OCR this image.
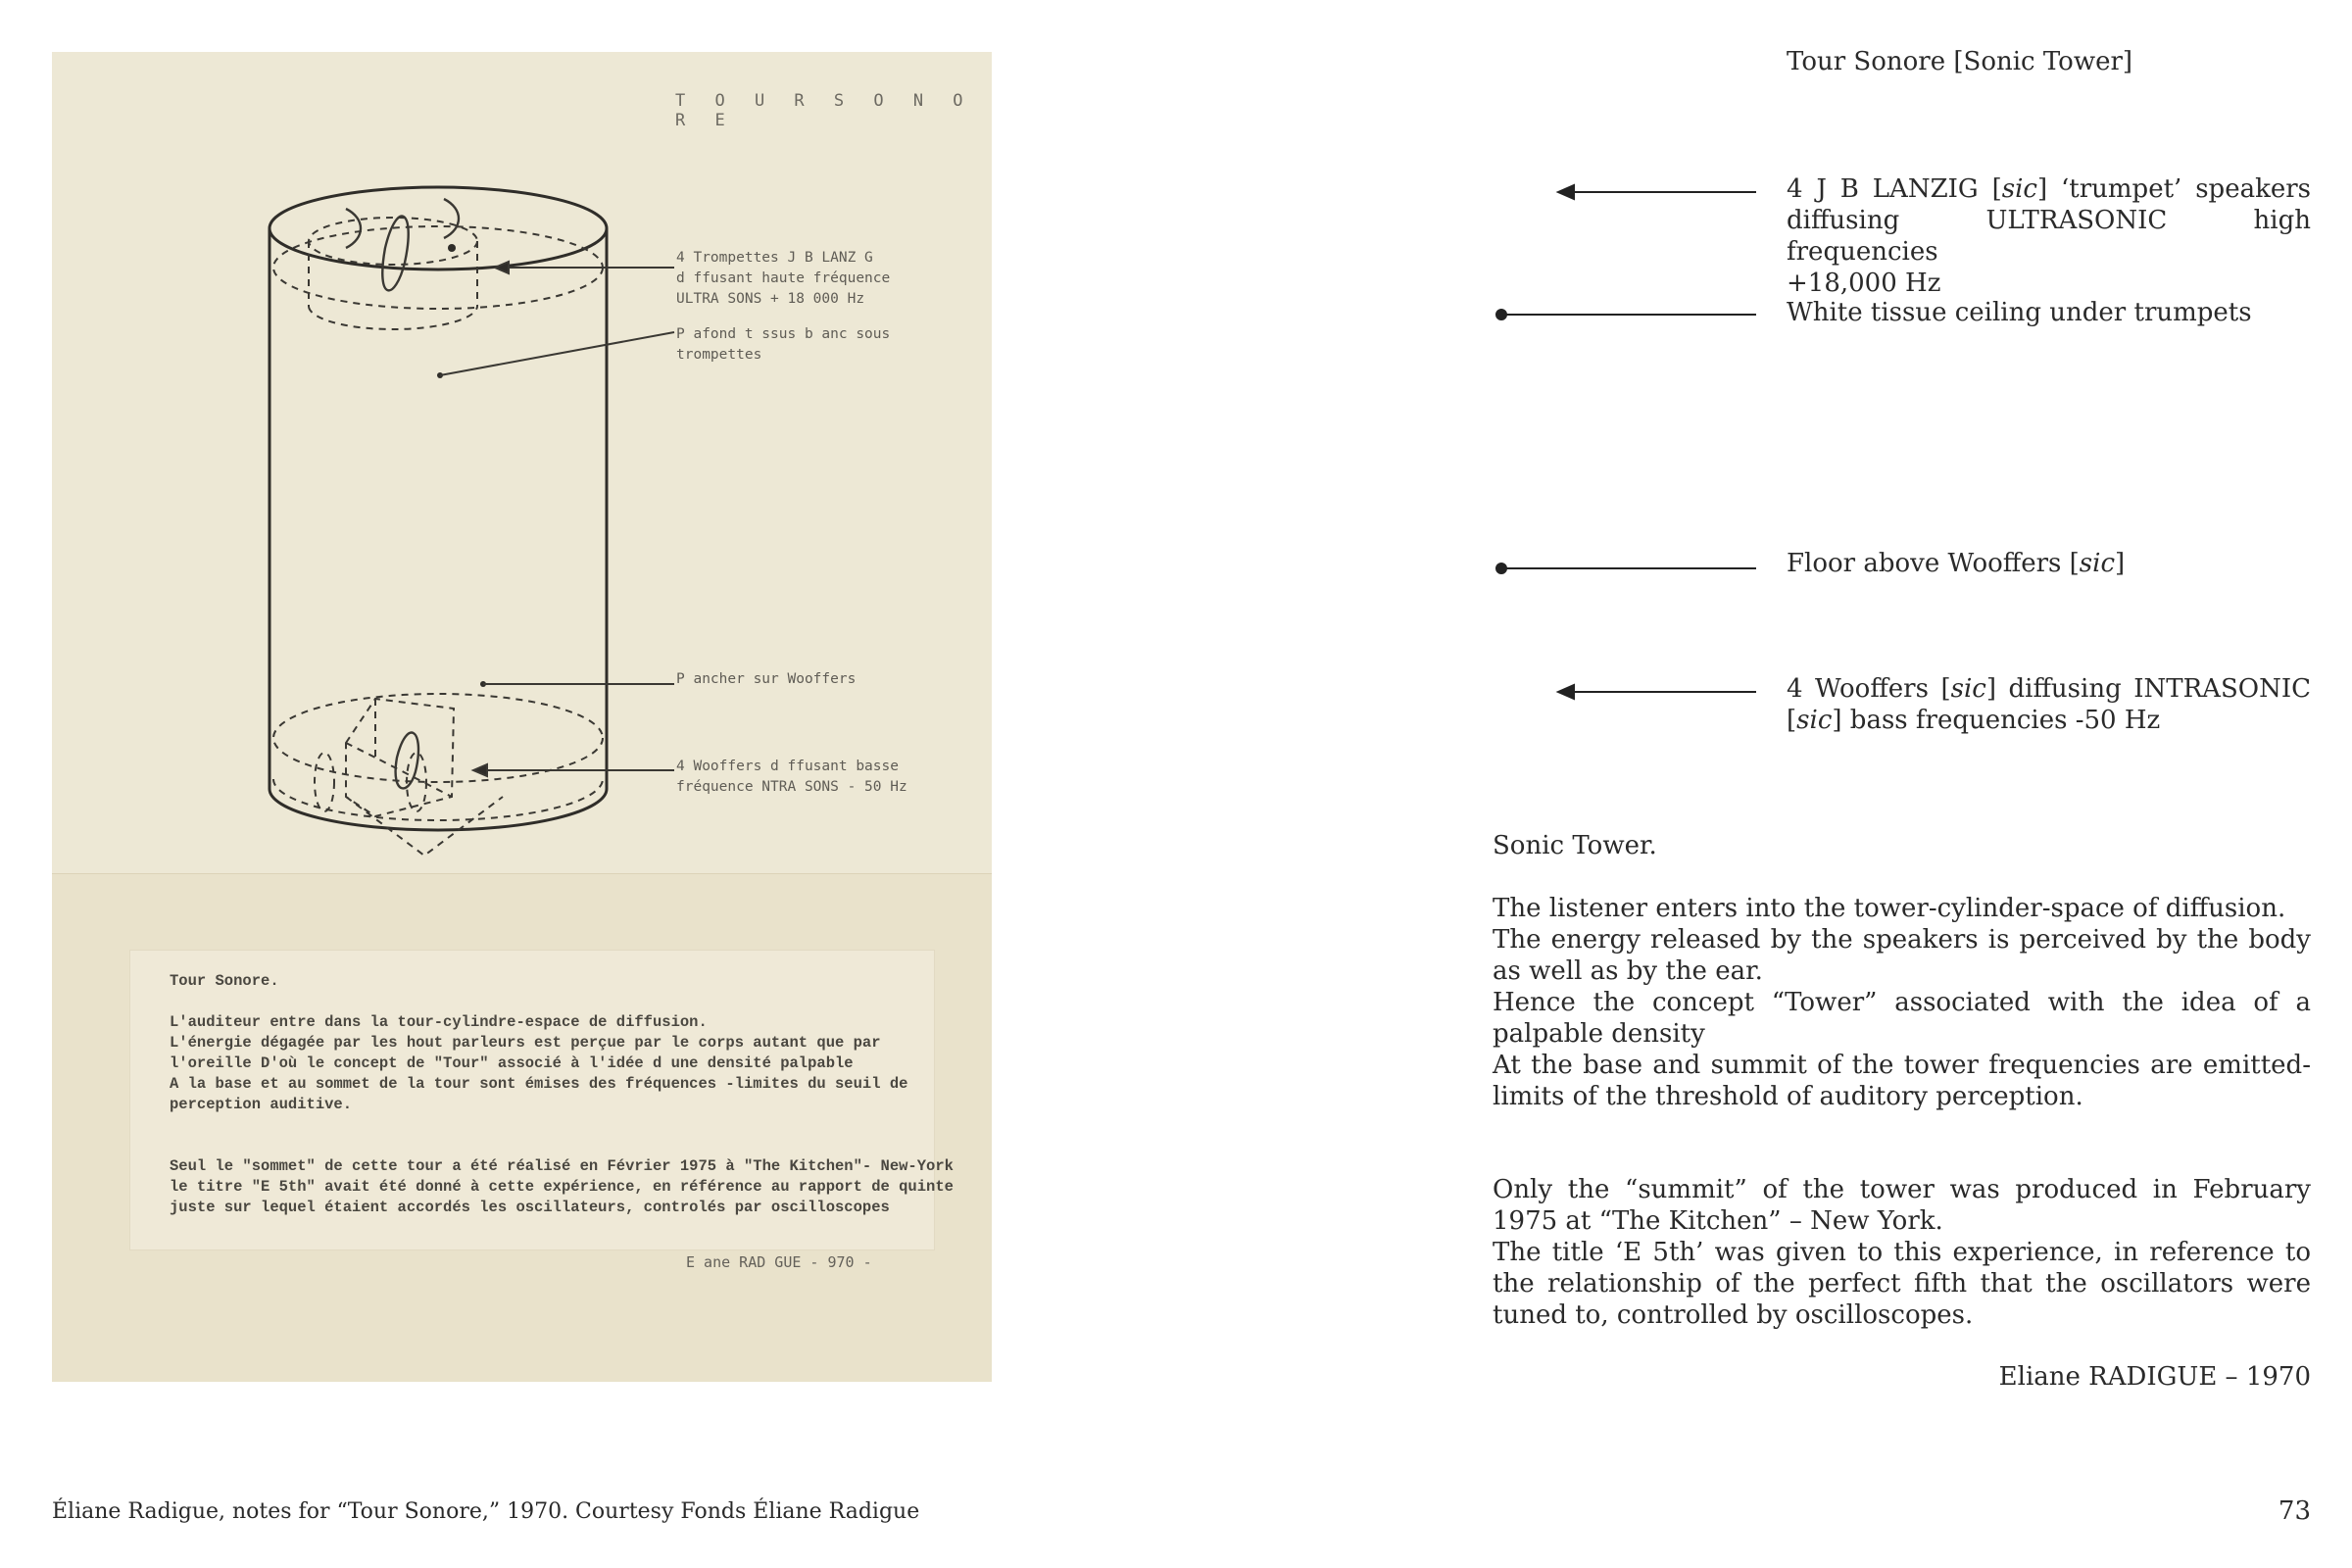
T O U R S O N O R E
4 Trompettes J B LANZ G
d ffusant haute fréquence
ULTRA SONS + 18 000 Hz
P afond t ssus b anc sous
trompettes
P ancher sur Wooffers
4 Wooffers d ffusant basse
fréquence NTRA SONS - 50 Hz
Tour Sonore.

L'auditeur entre dans la tour-cylindre-espace de diffusion.
L'énergie dégagée par les hout parleurs est perçue par le corps autant que par
l'oreille D'où le concept de "Tour" associé à l'idée d une densité palpable
A la base et au sommet de la tour sont émises des fréquences -limites du seuil de
perception auditive.
Seul le "sommet" de cette tour a été réalisé en Février 1975 à "The Kitchen"- New-York
le titre "E 5th" avait été donné à cette expérience, en référence au rapport de quinte
juste sur lequel étaient accordés les oscillateurs, controlés par oscilloscopes
E ane RAD GUE - 970 -
Tour Sonore [Sonic Tower]
4 J B LANZIG [sic] ‘trumpet’ speakers
diffusing ULTRASONIC high frequencies
+18,000 Hz
White tissue ceiling under trumpets
Floor above Wooffers [sic]
4 Wooffers [sic] diffusing INTRASONIC
[sic] bass frequencies -50 Hz
Sonic Tower.
The listener enters into the tower-cylinder-space of diffusion.
The energy released by the speakers is perceived by the body as well as by the ear.
Hence the concept “Tower” associated with the idea of a palpable density
At the base and summit of the tower frequencies are emitted- limits of the threshold of auditory perception.
Only the “summit” of the tower was produced in February 1975 at “The Kitchen” – New York.
The title ‘E 5th’ was given to this experience, in reference to the relationship of the perfect fifth that the oscillators were tuned to, controlled by oscilloscopes.
Eliane RADIGUE – 1970
Éliane Radigue, notes for “Tour Sonore,” 1970. Courtesy Fonds Éliane Radigue	73
